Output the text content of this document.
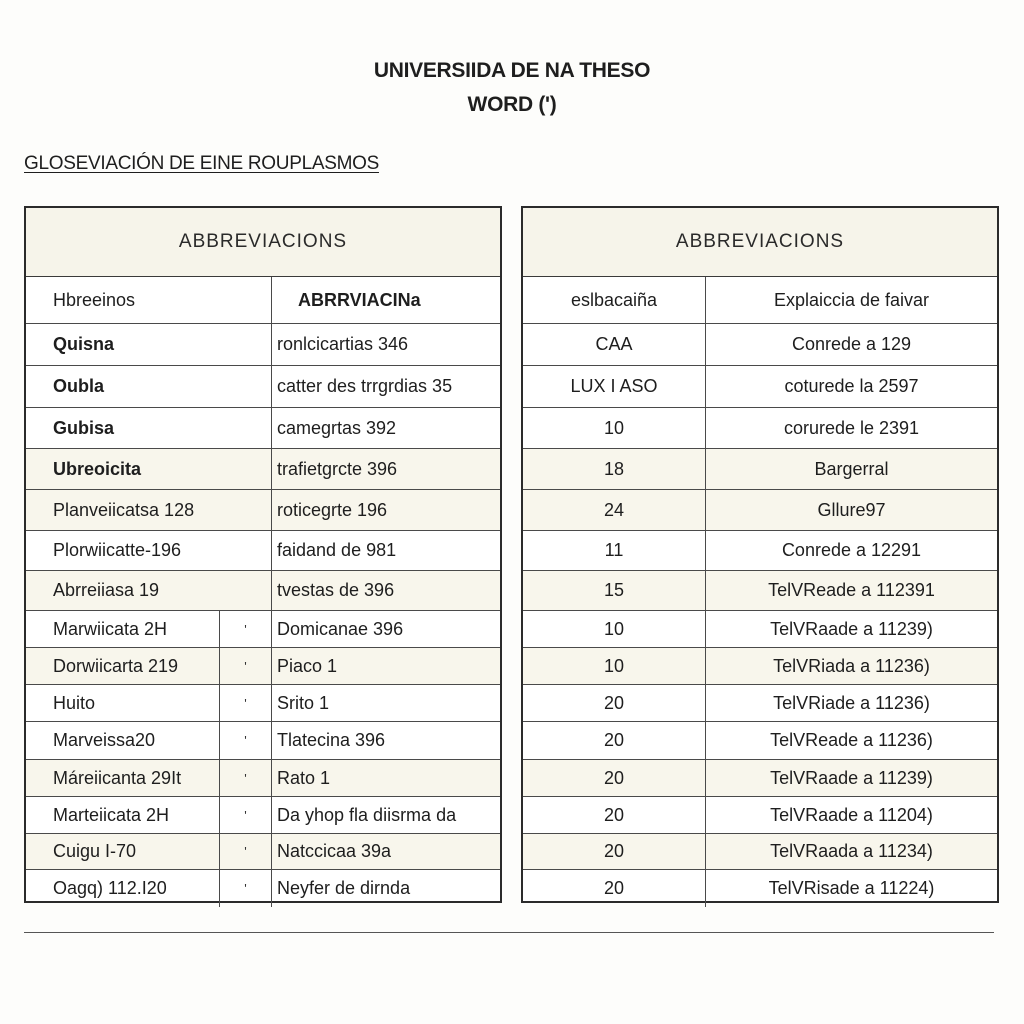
UNIVERSIIDA DE NA THESO
WORD (')
GLOSEVIACIÓN DE EINE ROUPLASMOS
ABBREVIACIONS
Hbreeinos	ABRRVIACINa
Quisna	ronlcicartias 346
Oubla	catter des trrgrdias 35
Gubisa	camegrtas 392
Ubreoicita	trafietgrcte 396
Planveiicatsa 128	roticegrte 196
Plorwiicatte-196	faidand de 981
Abrreiiasa 19	tvestas de 396
Marwiicata 2H	'	Domicanae 396
Dorwiicarta 219	'	Piaco 1
Huito	'	Srito 1
Marveissa20	'	Tlatecina 396
Máreiicanta 29It	'	Rato 1
Marteiicata 2H	'	Da yhop fla diisrma da
Cuigu I-70	'	Natccicaa 39a
Oagq) 112.I20	'	Neyfer de dirnda
ABBREVIACIONS
eslbacaiña	Explaiccia de faivar
CAA	Conrede a 129
LUX I ASO	coturede la 2597
10	corurede le 2391
18	Bargerral
24	Gllure97
11	Conrede a 12291
15	TelVReade a 112391
10	TelVRaade a 11239)
10	TelVRiada a 11236)
20	TelVRiade a 11236)
20	TelVReade a 11236)
20	TelVRaade a 11239)
20	TelVRaade a 11204)
20	TelVRaada a 11234)
20	TelVRisade a 11224)
